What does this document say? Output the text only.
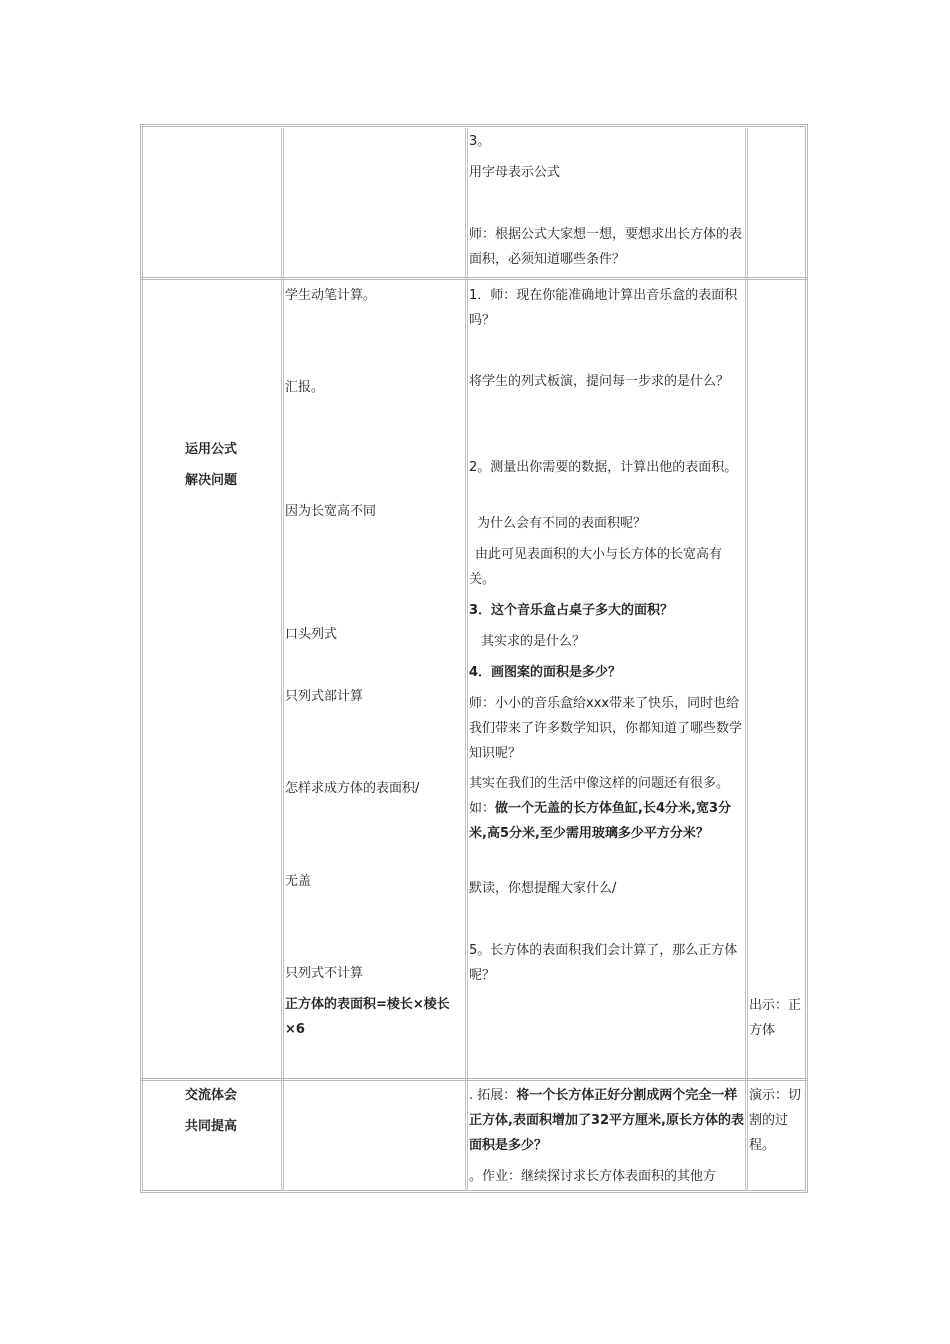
3。
用字母表示公式
师：根据公式大家想一想，要想求出长方体的表面积，必须知道哪些条件？
运用公式
解决问题
学生动笔计算。
汇报。
因为长宽高不同
口头列式
只列式部计算
怎样求成方体的表面积/
无盖
只列式不计算
正方体的表面积=棱长×棱长×6
1．师：现在你能准确地计算出音乐盒的表面积吗？
将学生的列式板演，提问每一步求的是什么？
2。测量出你需要的数据，计算出他的表面积。
为什么会有不同的表面积呢？
由此可见表面积的大小与长方体的长宽高有关。
3．这个音乐盒占桌子多大的面积？
其实求的是什么？
4．画图案的面积是多少？
师：小小的音乐盒给xxx带来了快乐，同时也给我们带来了许多数学知识，你都知道了哪些数学知识呢？
其实在我们的生活中像这样的问题还有很多。如：做一个无盖的长方体鱼缸,长4分米,宽3分米,高5分米,至少需用玻璃多少平方分米？
默读，你想提醒大家什么/
5。长方体的表面积我们会计算了，那么正方体呢？
出示：正方体
交流体会
共同提高
. 拓展：将一个长方体正好分割成两个完全一样正方体,表面积增加了32平方厘米,原长方体的表面积是多少？
。作业：继续探讨求长方体表面积的其他方
演示：切割的过程。
